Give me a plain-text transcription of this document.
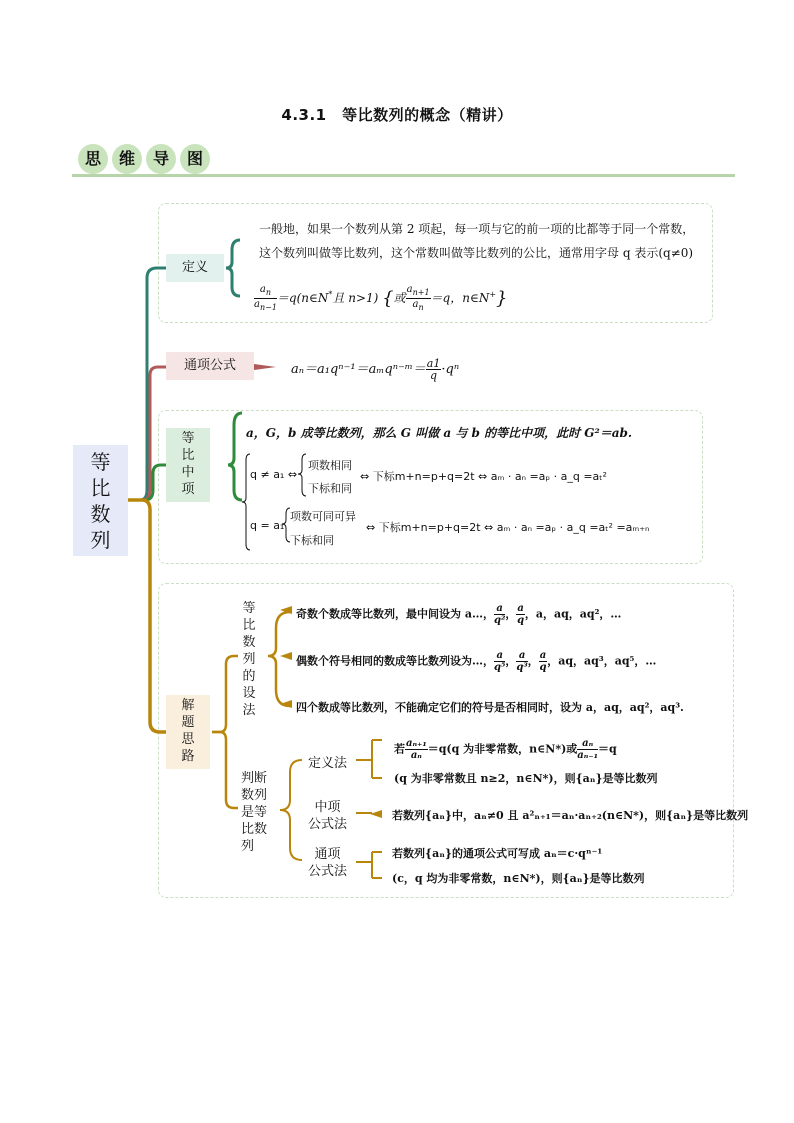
4.3.1　等比数列的概念（精讲）
思	维	导	图
等比数列
定义
一般地，如果一个数列从第 2 项起，每一项与它的前一项的比都等于同一个常数，
这个数列叫做等比数列，这个常数叫做等比数列的公比，通常用字母 q 表示(q≠0)
$\frac{a_n}{a_{n-1}}$ ＝q(n∈N*且 n>1) {或 $\frac{a_{n+1}}{a_n} =q$，n∈N+}
通项公式	aₙ＝a₁qⁿ⁻¹＝aₘqⁿ⁻ᵐ＝ $\frac{a1}{q} \cdot q^n$
等比中项
a，G，b 成等比数列，那么 G 叫做 a 与 b 的等比中项，此时 G²＝ab.
q ≠ a₁ ⇔
项数相同
下标和同
⇔ 下标m+n=p+q=2t ⇔ aₘ · aₙ =aₚ · a_q =aₜ²
q = a₁
项数可同可异
下标和同
⇔ 下标m+n=p+q=2t ⇔ aₘ · aₙ =aₚ · a_q =aₜ² =aₘ₊ₙ
解
题
思
路
等
比
数
列
的
设
法
奇数个数成等比数列，最中间设为 a…， $\frac{a}{\text{q²}}$ ， $\frac{a}{q}$ ，a，aq，aq²，…
偶数个符号相同的数成等比数列设为…， $\frac{a}{\text{q⁵}}$ ， $\frac{a}{\text{q³}}$ ， $\frac{a}{q}$ ，aq，aq³，aq⁵，…
四个数成等比数列，不能确定它们的符号是否相同时，设为 a，aq，aq²，aq³.
判断
数列
是等
比数
列
定义法
若 $\frac{\text{aₙ₊₁}}{\text{aₙ}} =q(q$ 为非零常数，n∈N*)或 $\frac{\text{aₙ}}{\text{aₙ₋₁}} =q$
(q 为非零常数且 n≥2，n∈N*)，则{aₙ}是等比数列
中项
公式法
若数列{aₙ}中，aₙ≠0 且 a²ₙ₊₁＝aₙ·aₙ₊₂(n∈N*)，则{aₙ}是等比数列
通项
公式法
若数列{aₙ}的通项公式可写成 aₙ＝c·qⁿ⁻¹
(c，q 均为非零常数，n∈N*)，则{aₙ}是等比数列
